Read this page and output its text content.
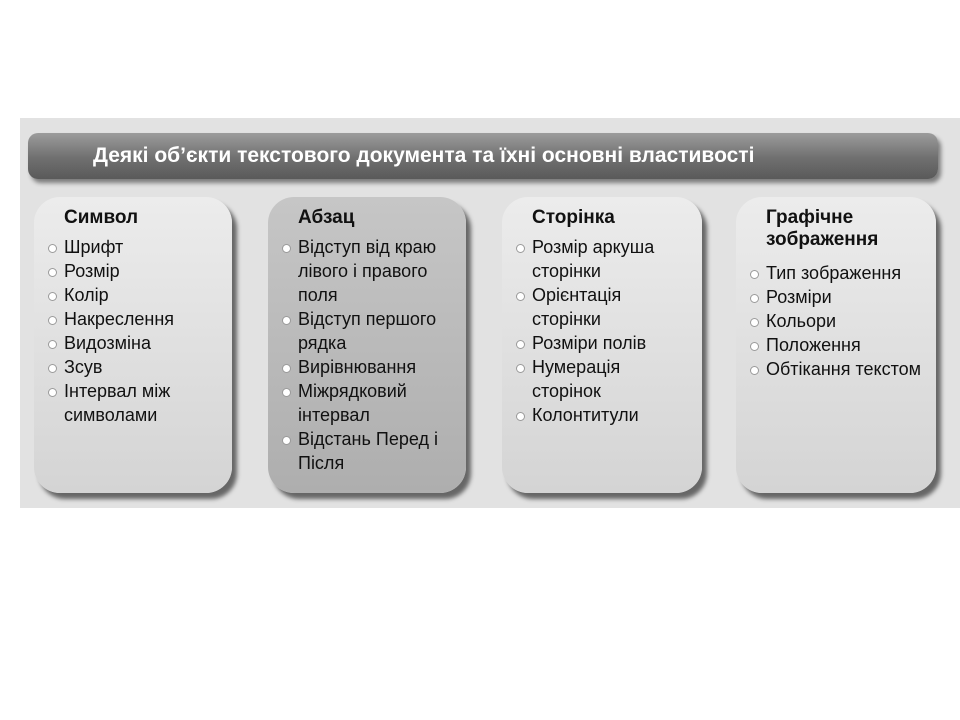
Деякі об’єкти текстового документа та їхні основні властивості
Символ
Шрифт
Розмір
Колір
Накреслення
Видозміна
Зсув
Інтервал між символами
Абзац
Відступ від краю лівого і правого поля
Відступ першого рядка
Вирівнювання
Міжрядковий інтервал
Відстань Перед і Після
Сторінка
Розмір аркуша сторінки
Орієнтація сторінки
Розміри полів
Нумерація сторінок
Колонтитули
Графічне зображення
Тип зображення
Розміри
Кольори
Положення
Обтікання текстом
